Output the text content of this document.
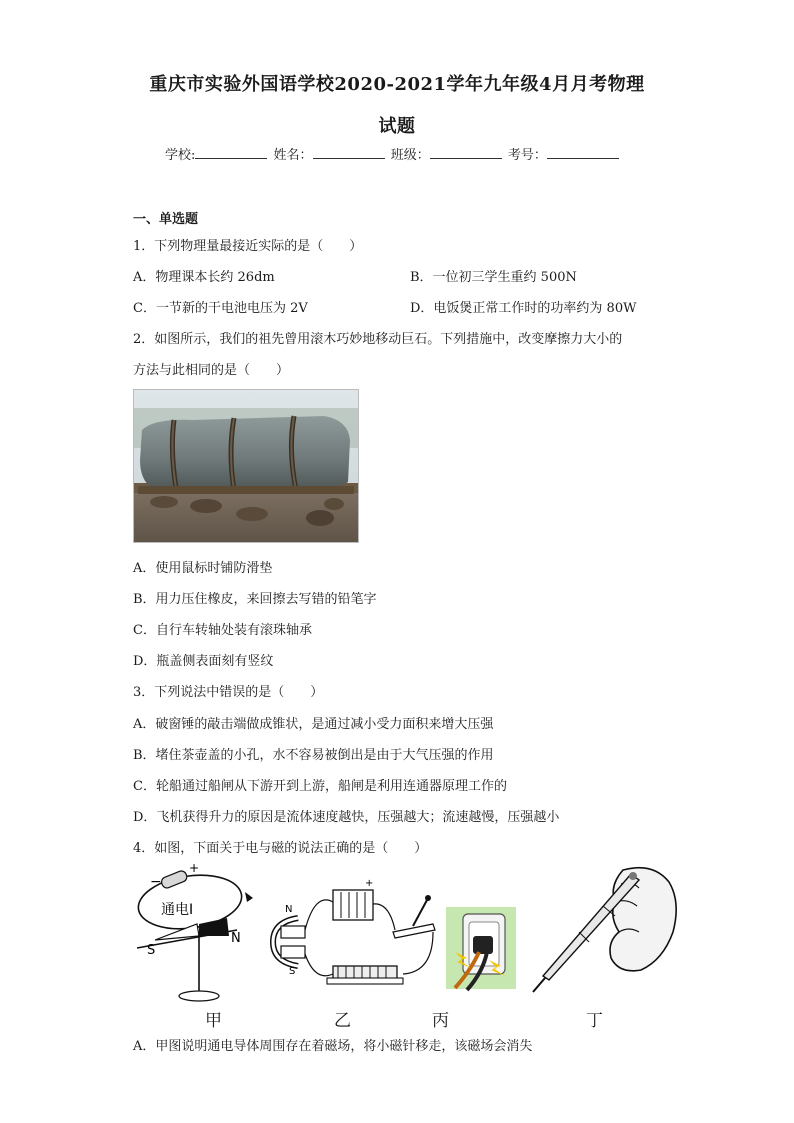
重庆市实验外国语学校2020-2021学年九年级4月月考物理
试题
学校:	姓名：	班级：	考号：
一、单选题
1．下列物理量最接近实际的是（　　）
A．物理课本长约 26dm	B．一位初三学生重约 500N
C．一节新的干电池电压为 2V	D．电饭煲正常工作时的功率约为 80W
2．如图所示，我们的祖先曾用滚木巧妙地移动巨石。下列措施中，改变摩擦力大小的
方法与此相同的是（　　）
A．使用鼠标时铺防滑垫
B．用力压住橡皮，来回擦去写错的铅笔字
C．自行车转轴处装有滚珠轴承
D．瓶盖侧表面刻有竖纹
3．下列说法中错误的是（　　）
A．破窗锤的敲击端做成锥状，是通过减小受力面积来增大压强
B．堵住茶壶盖的小孔，水不容易被倒出是由于大气压强的作用
C．轮船通过船闸从下游开到上游，船闸是利用连通器原理工作的
D．飞机获得升力的原因是流体速度越快，压强越大；流速越慢，压强越小
4．如图，下面关于电与磁的说法正确的是（　　）
−
+
通电I
S
N
N
S
+
甲	乙	丙	丁
A．甲图说明通电导体周围存在着磁场，将小磁针移走，该磁场会消失
